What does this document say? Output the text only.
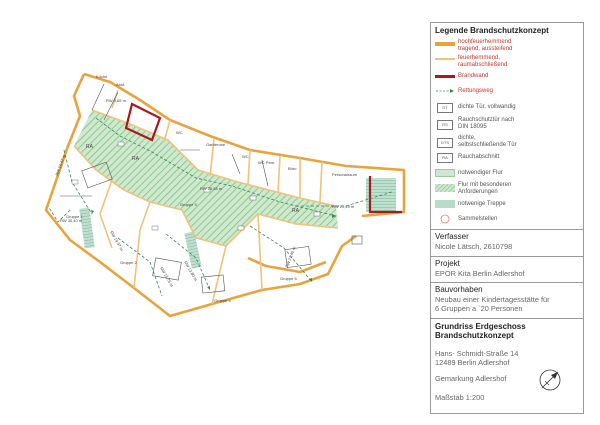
Küche
Abst.
WC
WC
WC Pers.
Büro
Personalraum
Gruppe 1
Gruppe 2
Gruppe 3
Gruppe 4
Gruppe 5
Garderobe
RW 9,65 m
RW 14,47 m
RW 30,40 m
RW 25,58 m
RW 21,49 m
RW 13,80 m
RW 15,75 m
RW 21,45 m
RW 19,97 m
RA
RA
RA
Legende Brandschutzkonzept
hochfeuerhemmend
tragend, aussteifend
feuerhemmend,
raumabschließend
Brandwand
Rettungsweg
DT	dichte Tür, vollwandig
RS
Rauchschutztür nach
DIN 18095
DTS
dichte,
selbstschließende Tür
RA	Rauchabschnitt
notwendiger Flur
Flur mit besonderen
Anforderungen
notwenige Treppe
Sammelstellen
Verfasser
Nicole Lätsch, 2610798
Projekt
EPOR Kita Berlin Adlershof
Bauvorhaben
Neubau einer Kindertagesstätte für
6 Gruppen a `20 Personen
Grundriss Erdgeschoss
Brandschutzkonzept
Hans- Schmidt-Straße 14
12489 Berlin Adlershof
Gemarkung Adlershof
Maßstab 1:200
